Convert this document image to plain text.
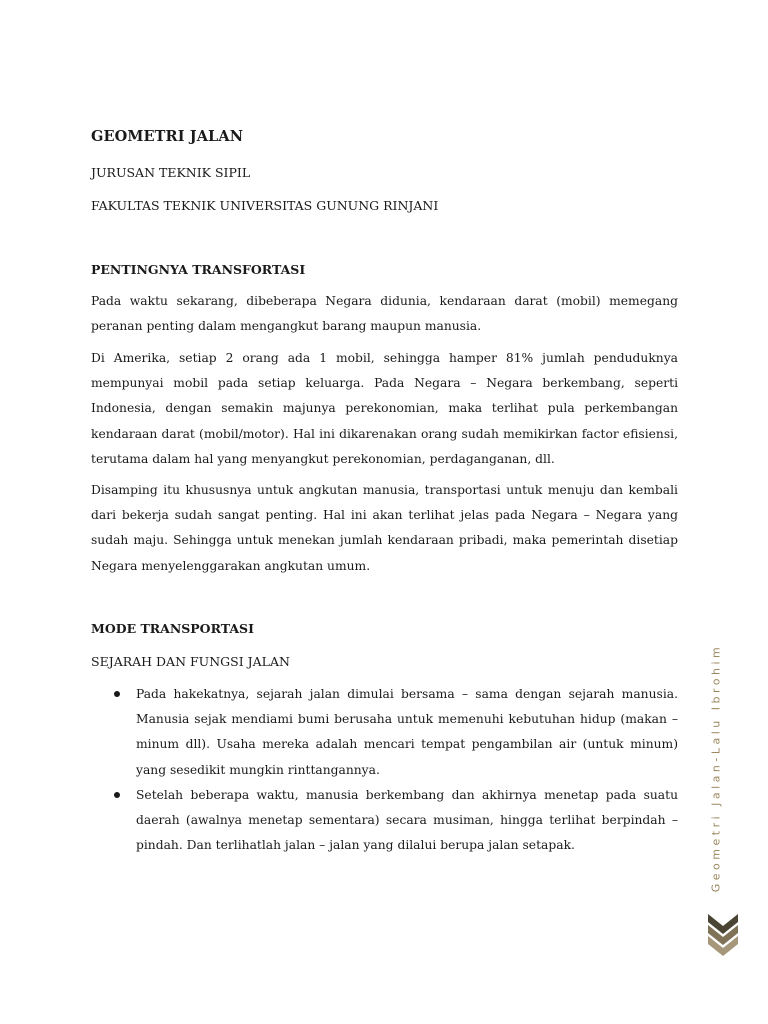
GEOMETRI JALAN

JURUSAN TEKNIK SIPIL

FAKULTAS TEKNIK UNIVERSITAS GUNUNG RINJANI

PENTINGNYA TRANSFORTASI

Pada waktu sekarang, dibeberapa Negara didunia, kendaraan darat (mobil) memegang peranan penting dalam mengangkut barang maupun manusia.

Di Amerika, setiap 2 orang ada 1 mobil, sehingga hamper 81% jumlah penduduknya mempunyai mobil pada setiap keluarga. Pada Negara – Negara berkembang, seperti Indonesia, dengan semakin majunya perekonomian, maka terlihat pula perkembangan kendaraan darat (mobil/motor). Hal ini dikarenakan orang sudah memikirkan factor efisiensi, terutama dalam hal yang menyangkut perekonomian, perdaganganan, dll.

Disamping itu khususnya untuk angkutan manusia, transportasi untuk menuju dan kembali dari bekerja sudah sangat penting. Hal ini akan terlihat jelas pada Negara – Negara yang sudah maju. Sehingga untuk menekan jumlah kendaraan pribadi, maka pemerintah disetiap Negara menyelenggarakan angkutan umum.

MODE TRANSPORTASI

SEJARAH DAN FUNGSI JALAN

Pada hakekatnya, sejarah jalan dimulai bersama – sama dengan sejarah manusia. Manusia sejak mendiami bumi berusaha untuk memenuhi kebutuhan hidup (makan – minum dll). Usaha mereka adalah mencari tempat pengambilan air (untuk minum) yang sesedikit mungkin rinttangannya.
Setelah beberapa waktu, manusia berkembang dan akhirnya menetap pada suatu daerah (awalnya menetap sementara) secara musiman, hingga terlihat berpindah – pindah. Dan terlihatlah jalan – jalan yang dilalui berupa jalan setapak.	Geometri Jalan-Lalu Ibrohim
